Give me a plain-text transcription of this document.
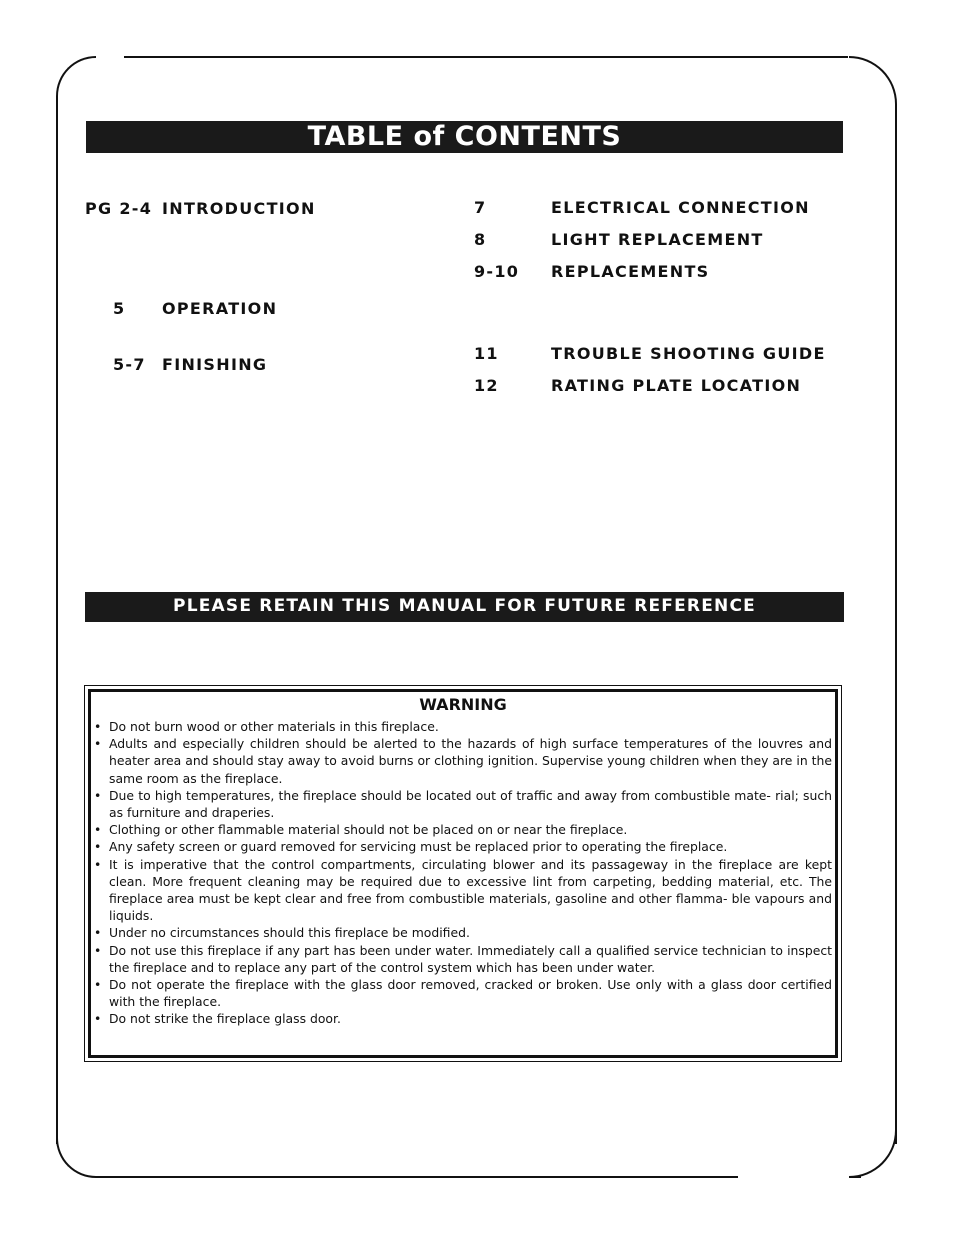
TABLE of CONTENTS
PG 2-4 INTRODUCTION
5 OPERATION
5-7 FINISHING
7	ELECTRICAL CONNECTION
8	LIGHT REPLACEMENT
9-10 REPLACEMENTS
11	TROUBLE SHOOTING GUIDE
12	RATING PLATE LOCATION
PLEASE RETAIN THIS MANUAL FOR FUTURE REFERENCE
WARNING
• Do not burn wood or other materials in this fireplace.
• Adults and especially children should be alerted to the hazards of high surface temperatures of the louvres and heater area and should stay away to avoid burns or clothing ignition. Supervise young children when they are in the same room as the fireplace.
• Due to high temperatures, the fireplace should be located out of traffic and away from combustible mate- rial; such as furniture and draperies.
• Clothing or other flammable material should not be placed on or near the fireplace.
• Any safety screen or guard removed for servicing must be replaced prior to operating the fireplace.
• It is imperative that the control compartments, circulating blower and its passageway in the fireplace are kept clean. More frequent cleaning may be required due to excessive lint from carpeting, bedding material, etc. The fireplace area must be kept clear and free from combustible materials, gasoline and other flamma- ble vapours and liquids.
• Under no circumstances should this fireplace be modified.
• Do not use this fireplace if any part has been under water. Immediately call a qualified service technician to inspect the fireplace and to replace any part of the control system which has been under water.
• Do not operate the fireplace with the glass door removed, cracked or broken. Use only with a glass door certified with the fireplace.
• Do not strike the fireplace glass door.
